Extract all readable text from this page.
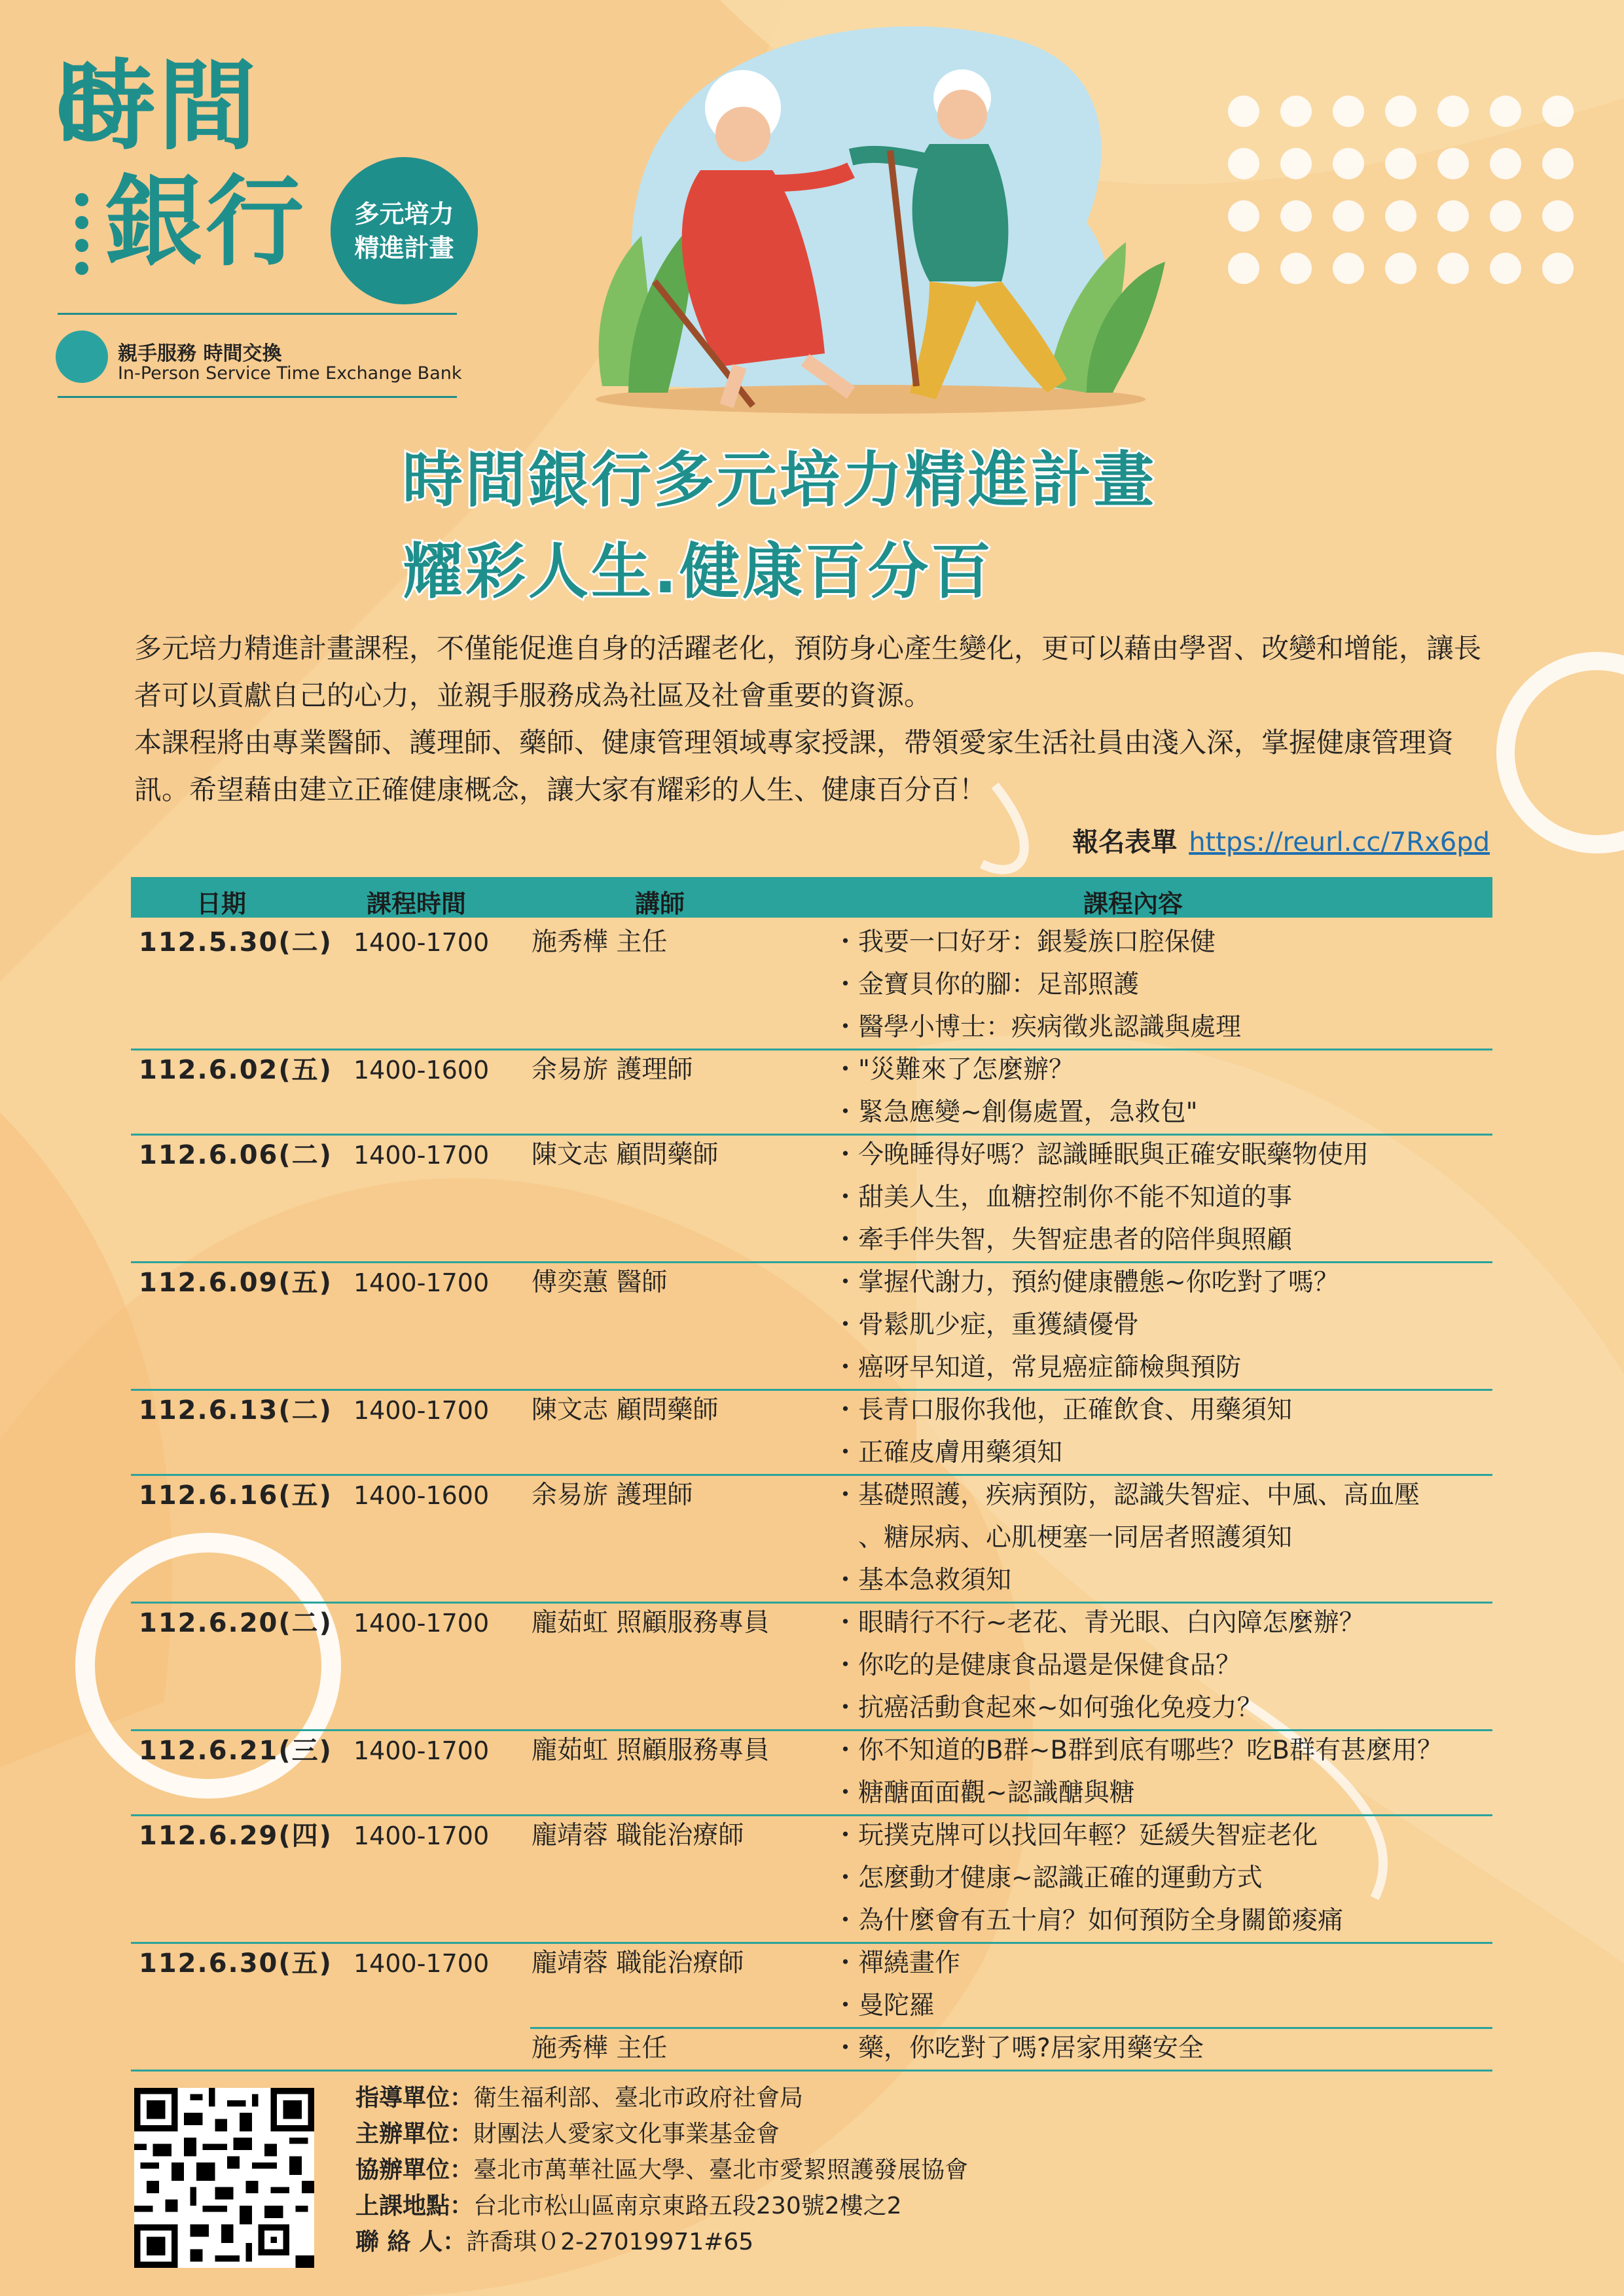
時間
銀行	多元培力
精進計畫
親手服務 時間交換
In-Person Service Time Exchange Bank
時間銀行多元培力精進計畫
耀彩人生.健康百分百

多元培力精進計畫課程，不僅能促進自身的活躍老化，預防身心產生變化，更可以藉由學習、改變和增能，讓長者可以貢獻自己的心力，並親手服務成為社區及社會重要的資源。

本課程將由專業醫師、護理師、藥師、健康管理領域專家授課，帶領愛家生活社員由淺入深，掌握健康管理資訊。希望藉由建立正確健康概念，讓大家有耀彩的人生、健康百分百！

報名表單 https://reurl.cc/7Rx6pd
日期	課程時間	講師	課程內容
112.5.30(二) 1400-1700 施秀樺 主任	・我要一口好牙：銀髮族口腔保健
・金寶貝你的腳：足部照護
・醫學小博士：疾病徵兆認識與處理
112.6.02(五) 1400-1600 余易旂 護理師	・"災難來了怎麼辦？
・緊急應變~創傷處置，急救包"
112.6.06(二) 1400-1700 陳文志 顧問藥師	・今晚睡得好嗎？認識睡眠與正確安眠藥物使用
・甜美人生，血糖控制你不能不知道的事
・牽手伴失智，失智症患者的陪伴與照顧
112.6.09(五) 1400-1700 傅奕蕙 醫師	・掌握代謝力，預約健康體態~你吃對了嗎？
・骨鬆肌少症，重獲績優骨
・癌呀早知道，常見癌症篩檢與預防
112.6.13(二) 1400-1700 陳文志 顧問藥師	・長青口服你我他，正確飲食、用藥須知
・正確皮膚用藥須知
112.6.16(五) 1400-1600 余易旂 護理師	・基礎照護，疾病預防，認識失智症、中風、高血壓
　、糖尿病、心肌梗塞一同居者照護須知
・基本急救須知
112.6.20(二) 1400-1700 龐茹虹 照顧服務專員 ・眼睛行不行~老花、青光眼、白內障怎麼辦？
・你吃的是健康食品還是保健食品？
・抗癌活動食起來~如何強化免疫力？
112.6.21(三) 1400-1700 龐茹虹 照顧服務專員 ・你不知道的B群~B群到底有哪些？吃B群有甚麼用？
・糖醣面面觀~認識醣與糖
112.6.29(四) 1400-1700 龐靖蓉 職能治療師	・玩撲克牌可以找回年輕？延緩失智症老化
・怎麼動才健康~認識正確的運動方式
・為什麼會有五十肩？如何預防全身關節痠痛
112.6.30(五) 1400-1700 龐靖蓉 職能治療師	・禪繞畫作
・曼陀羅
施秀樺 主任	・藥，你吃對了嗎?居家用藥安全
指導單位：衛生福利部、臺北市政府社會局
主辦單位：財團法人愛家文化事業基金會
協辦單位：臺北市萬華社區大學、臺北市愛絜照護發展協會
上課地點：台北市松山區南京東路五段230號2樓之2
聯 絡 人：許喬琪０2-27019971#65
